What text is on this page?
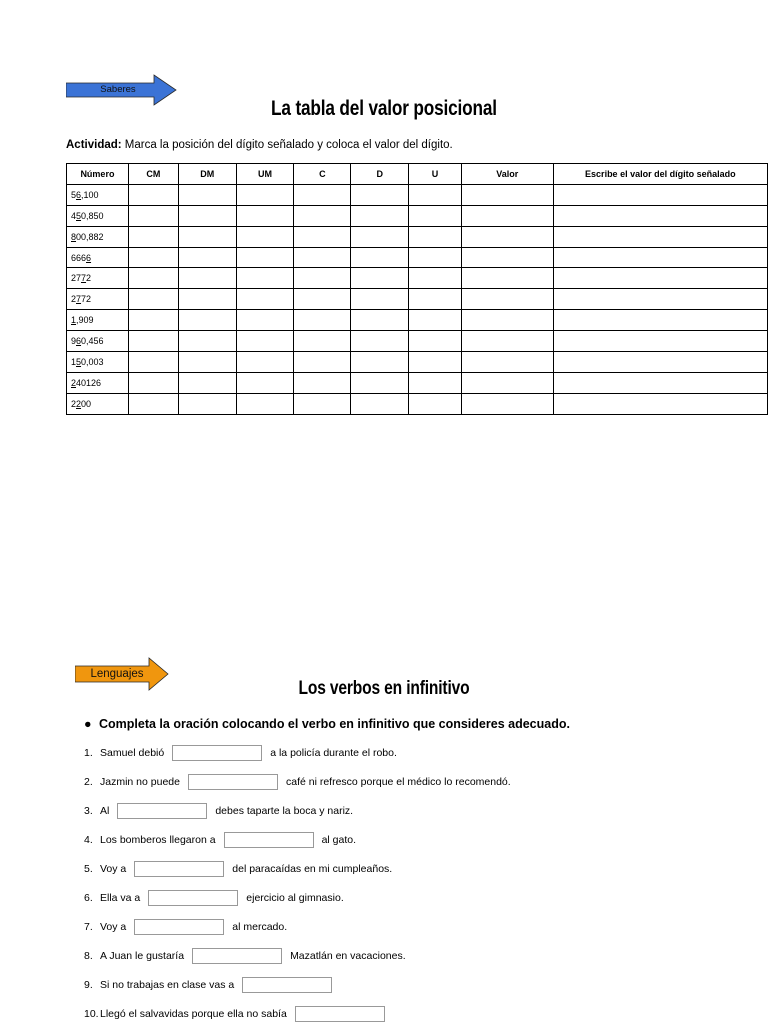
Saberes
La tabla del valor posicional
Actividad: Marca la posición del dígito señalado y coloca el valor del dígito.
Número	CM	DM	UM	C	D	U	Valor	Escribe el valor del dígito señalado
56,100								
450,850								
800,882								
6666								
2772								
2772								
1,909								
960,456								
150,003								
240126								
2200								
Lenguajes
Los verbos en infinitivo
● Completa la oración colocando el verbo en infinitivo que consideres adecuado.
1. Samuel debió	a la policía durante el robo.
2. Jazmin no puede	café ni refresco porque el médico lo recomendó.
3. Al	debes taparte la boca y nariz.
4. Los bomberos llegaron a	al gato.
5. Voy a	del paracaídas en mi cumpleaños.
6. Ella va a	ejercicio al gimnasio.
7. Voy a	al mercado.
8. A Juan le gustaría	Mazatlán en vacaciones.
9. Si no trabajas en clase vas a
10. Llegó el salvavidas porque ella no sabía
